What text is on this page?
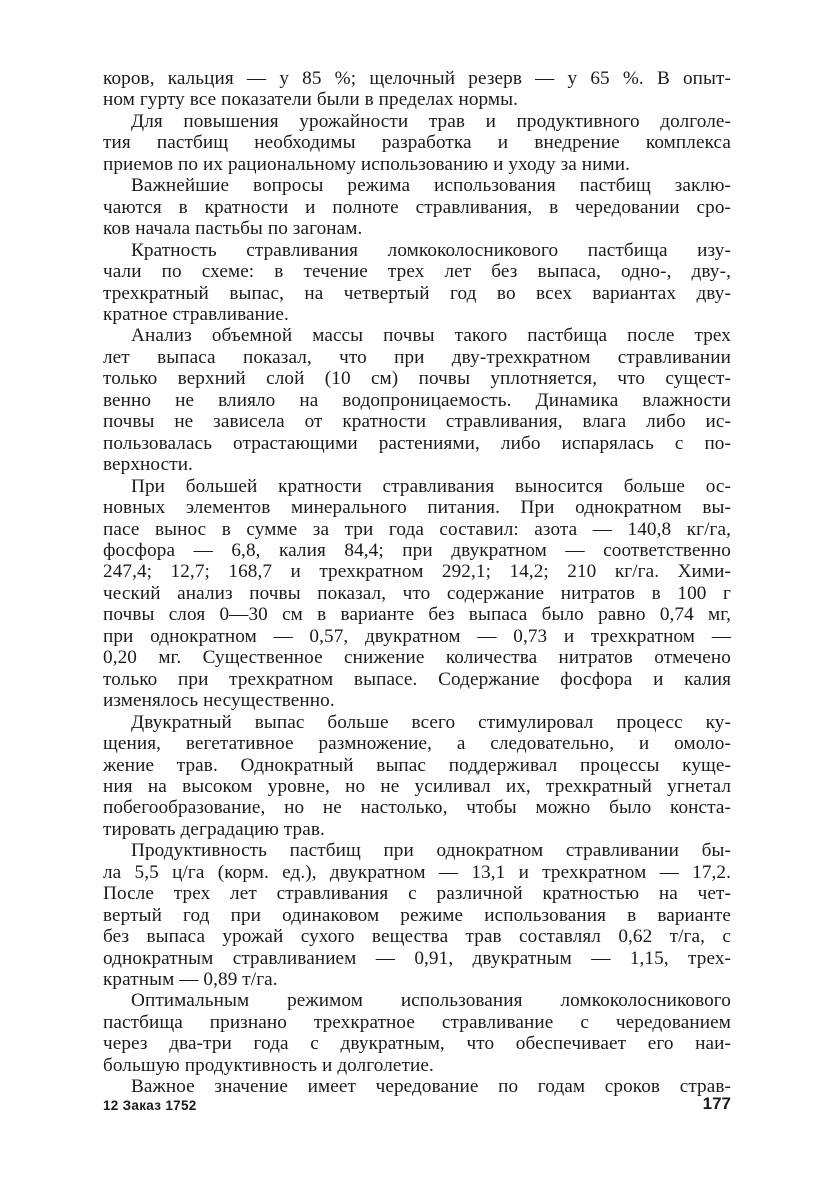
коров, кальция — у 85 %; щелочный резерв — у 65 %. В опыт-
ном гурту все показатели были в пределах нормы.
Для повышения урожайности трав и продуктивного долголе-
тия пастбищ необходимы разработка и внедрение комплекса
приемов по их рациональному использованию и уходу за ними.
Важнейшие вопросы режима использования пастбищ заклю-
чаются в кратности и полноте стравливания, в чередовании сро-
ков начала пастьбы по загонам.
Кратность стравливания ломкоколосникового пастбища изу-
чали по схеме: в течение трех лет без выпаса, одно-, дву-,
трехкратный выпас, на четвертый год во всех вариантах дву-
кратное стравливание.
Анализ объемной массы почвы такого пастбища после трех
лет выпаса показал, что при дву-трехкратном стравливании
только верхний слой (10 см) почвы уплотняется, что сущест-
венно не влияло на водопроницаемость. Динамика влажности
почвы не зависела от кратности стравливания, влага либо ис-
пользовалась отрастающими растениями, либо испарялась с по-
верхности.
При большей кратности стравливания выносится больше ос-
новных элементов минерального питания. При однократном вы-
пасе вынос в сумме за три года составил: азота — 140,8 кг/га,
фосфора — 6,8, калия 84,4; при двукратном — соответственно
247,4; 12,7; 168,7 и трехкратном 292,1; 14,2; 210 кг/га. Хими-
ческий анализ почвы показал, что содержание нитратов в 100 г
почвы слоя 0—30 см в варианте без выпаса было равно 0,74 мг,
при однократном — 0,57, двукратном — 0,73 и трехкратном —
0,20 мг. Существенное снижение количества нитратов отмечено
только при трехкратном выпасе. Содержание фосфора и калия
изменялось несущественно.
Двукратный выпас больше всего стимулировал процесс ку-
щения, вегетативное размножение, а следовательно, и омоло-
жение трав. Однократный выпас поддерживал процессы куще-
ния на высоком уровне, но не усиливал их, трехкратный угнетал
побегообразование, но не настолько, чтобы можно было конста-
тировать деградацию трав.
Продуктивность пастбищ при однократном стравливании бы-
ла 5,5 ц/га (корм. ед.), двукратном — 13,1 и трехкратном — 17,2.
После трех лет стравливания с различной кратностью на чет-
вертый год при одинаковом режиме использования в варианте
без выпаса урожай сухого вещества трав составлял 0,62 т/га, с
однократным стравливанием — 0,91, двукратным — 1,15, трех-
кратным — 0,89 т/га.
Оптимальным режимом использования ломкоколосникового
пастбища признано трехкратное стравливание с чередованием
через два-три года с двукратным, что обеспечивает его наи-
большую продуктивность и долголетие.
Важное значение имеет чередование по годам сроков страв-
12 Заказ 1752	177
